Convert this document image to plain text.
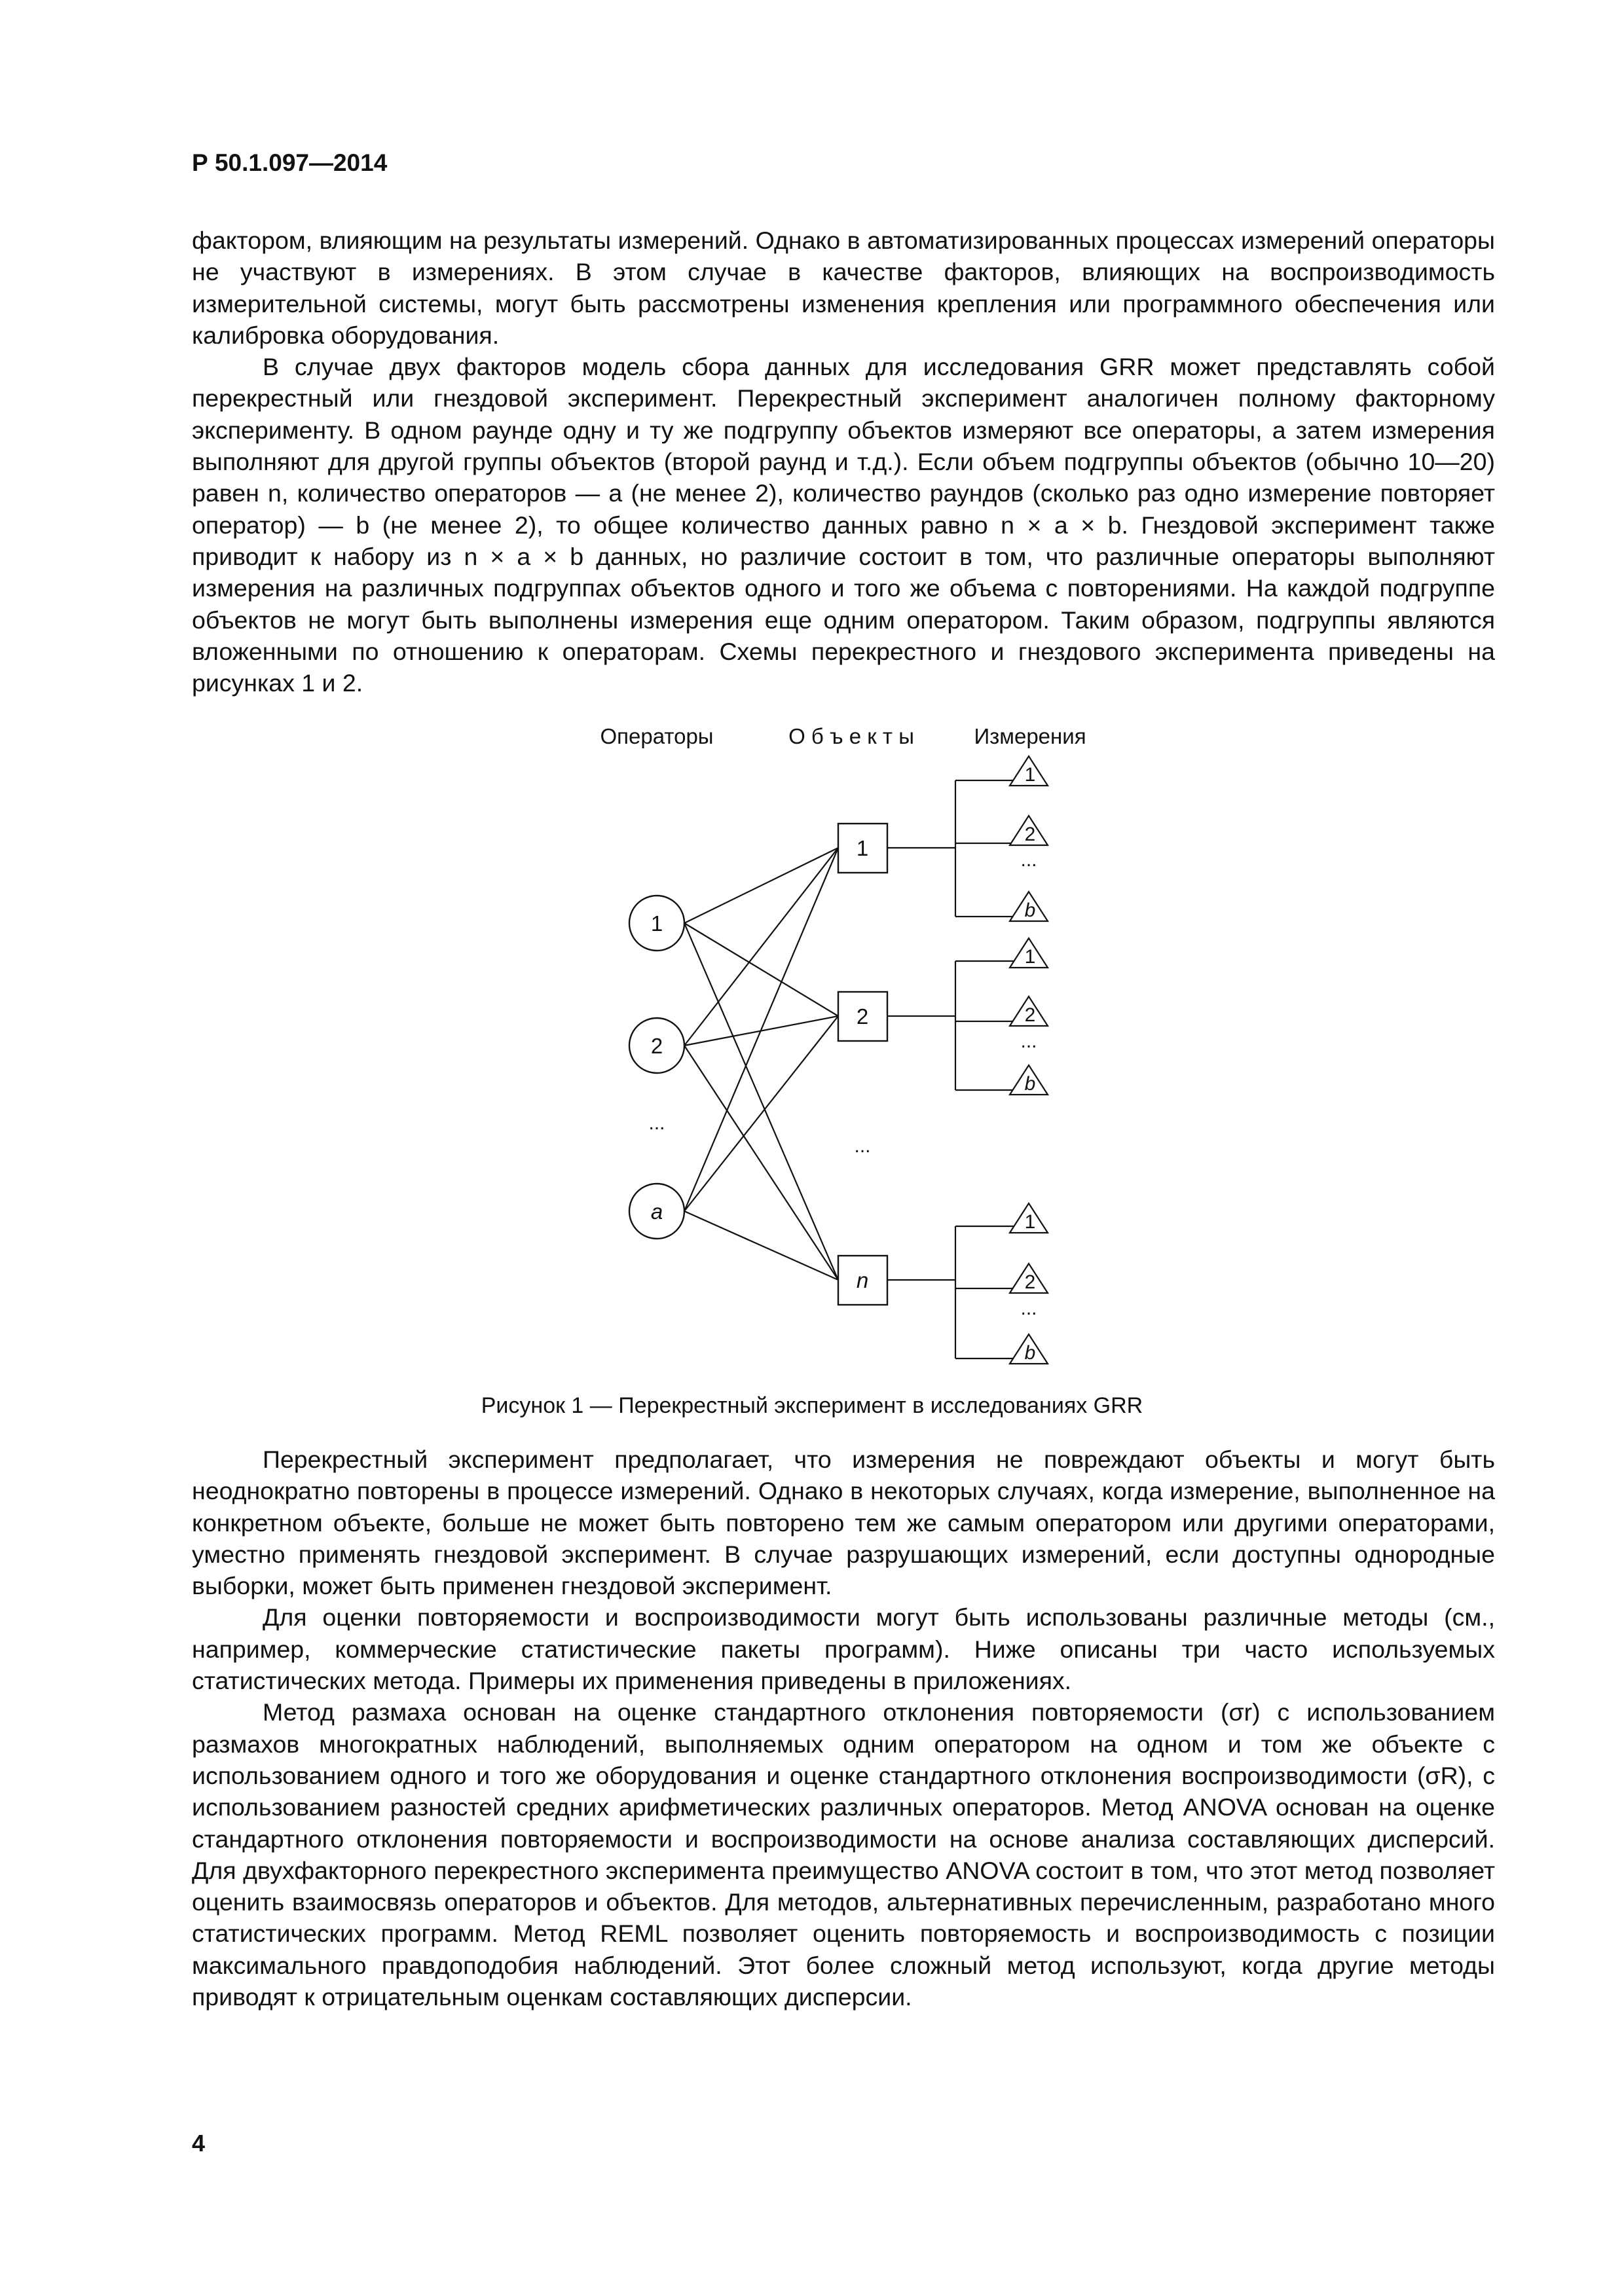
Р 50.1.097—2014

фактором, влияющим на результаты измерений. Однако в автоматизированных процессах измерений операторы не участвуют в измерениях. В этом случае в качестве факторов, влияющих на воспроизводимость измерительной системы, могут быть рассмотрены изменения крепления или программного обеспечения или калибровка оборудования.

В случае двух факторов модель сбора данных для исследования GRR может представлять собой перекрестный или гнездовой эксперимент. Перекрестный эксперимент аналогичен полному факторному эксперименту. В одном раунде одну и ту же подгруппу объектов измеряют все операторы, а затем измерения выполняют для другой группы объектов (второй раунд и т.д.). Если объем подгруппы объектов (обычно 10—20) равен n, количество операторов — a (не менее 2), количество раундов (сколько раз одно измерение повторяет оператор) — b (не менее 2), то общее количество данных равно n × a × b. Гнездовой эксперимент также приводит к набору из n × a × b данных, но различие состоит в том, что различные операторы выполняют измерения на различных подгруппах объектов одного и того же объема с повторениями. На каждой подгруппе объектов не могут быть выполнены измерения еще одним оператором. Таким образом, подгруппы являются вложенными по отношению к операторам. Схемы перекрестного и гнездового эксперимента приведены на рисунках 1 и 2.

Операторы	О б ъ е к т ы	Измерения
1
2
...
a
1
2
...
n
1
2
...
b
1
2
...
b
1
2
...
b
Рисунок 1 — Перекрестный эксперимент в исследованиях GRR

Перекрестный эксперимент предполагает, что измерения не повреждают объекты и могут быть неоднократно повторены в процессе измерений. Однако в некоторых случаях, когда измерение, выполненное на конкретном объекте, больше не может быть повторено тем же самым оператором или другими операторами, уместно применять гнездовой эксперимент. В случае разрушающих измерений, если доступны однородные выборки, может быть применен гнездовой эксперимент.

Для оценки повторяемости и воспроизводимости могут быть использованы различные методы (см., например, коммерческие статистические пакеты программ). Ниже описаны три часто используемых статистических метода. Примеры их применения приведены в приложениях.

Метод размаха основан на оценке стандартного отклонения повторяемости (σr) с использованием размахов многократных наблюдений, выполняемых одним оператором на одном и том же объекте с использованием одного и того же оборудования и оценке стандартного отклонения воспроизводимости (σR), с использованием разностей средних арифметических различных операторов. Метод ANOVA основан на оценке стандартного отклонения повторяемости и воспроизводимости на основе анализа составляющих дисперсий. Для двухфакторного перекрестного эксперимента преимущество ANOVA состоит в том, что этот метод позволяет оценить взаимосвязь операторов и объектов. Для методов, альтернативных перечисленным, разработано много статистических программ. Метод REML позволяет оценить повторяемость и воспроизводимость с позиции максимального правдоподобия наблюдений. Этот более сложный метод используют, когда другие методы приводят к отрицательным оценкам составляющих дисперсии.

4
